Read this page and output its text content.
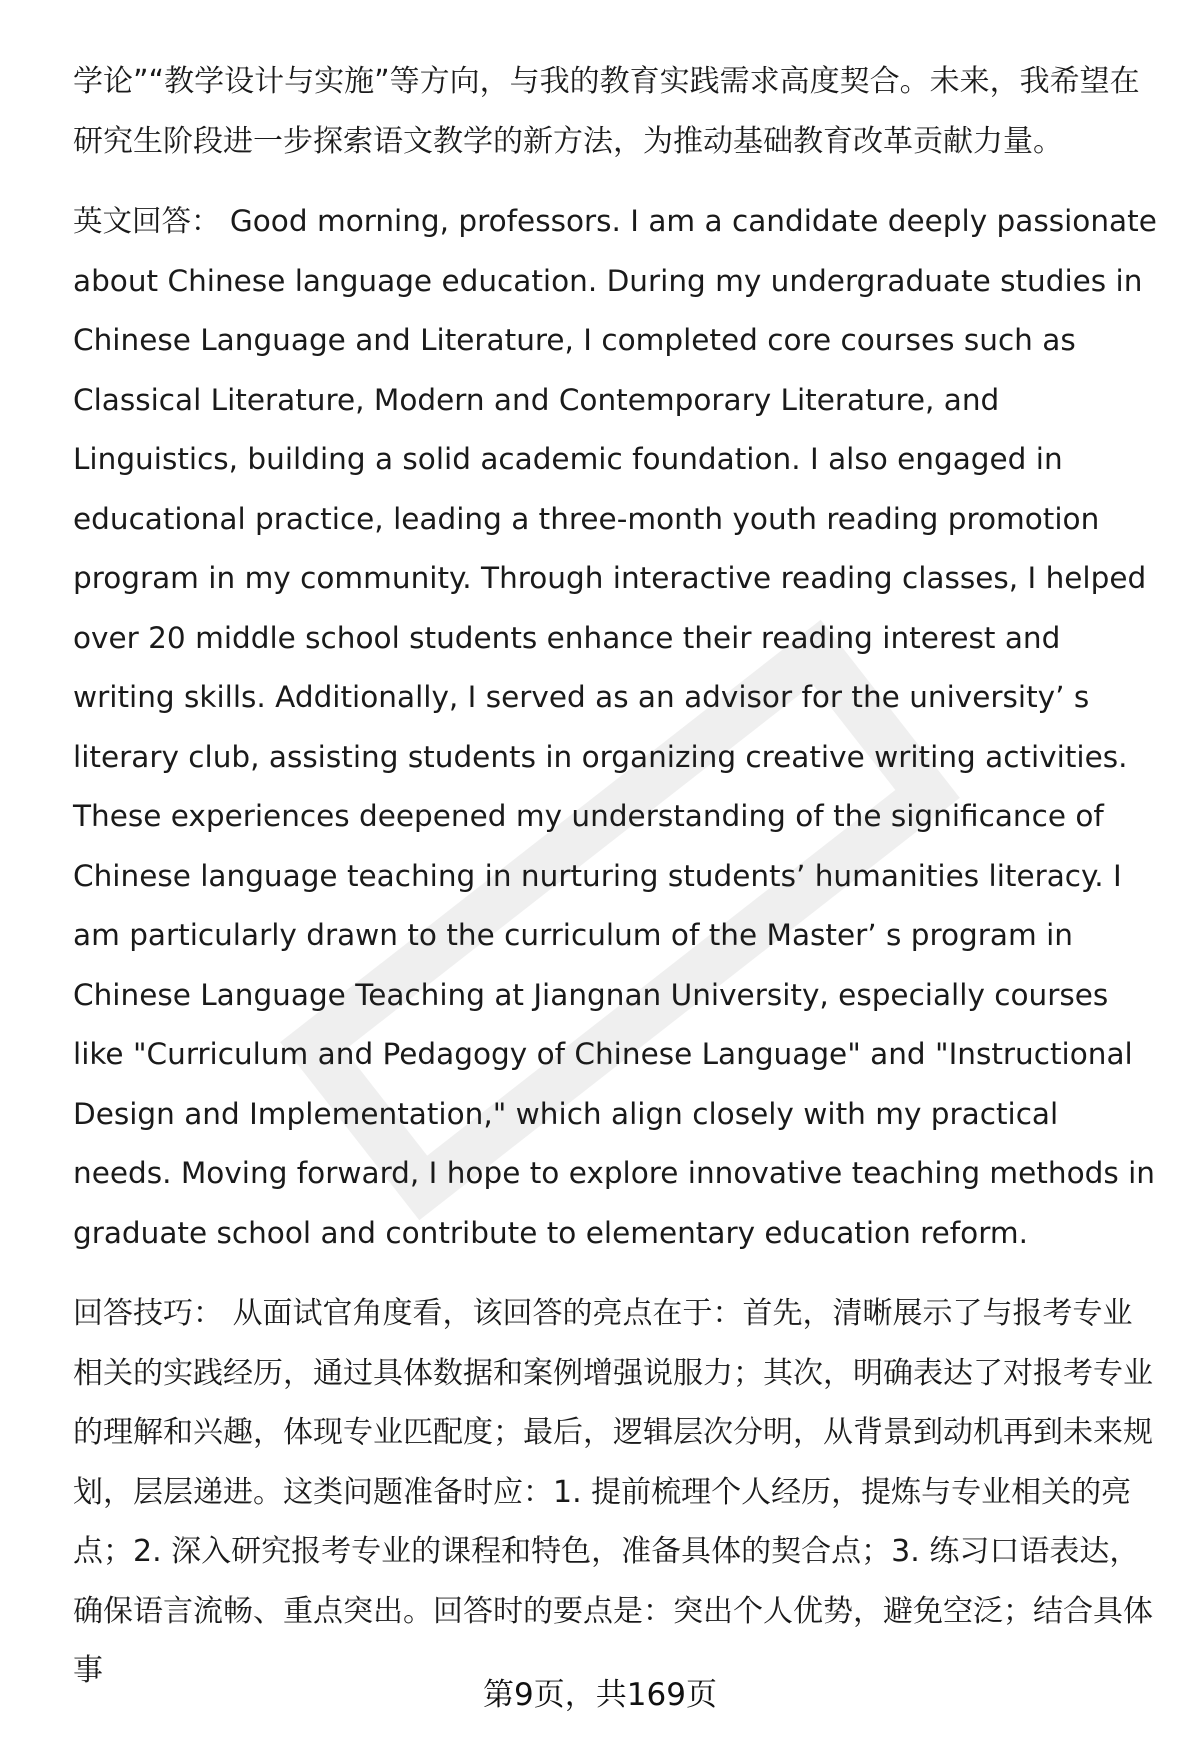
学论”“教学设计与实施”等方向，与我的教育实践需求高度契合。未来，我希望在研究生阶段进一步探索语文教学的新方法，为推动基础教育改革贡献力量。

英文回答： Good morning, professors. I am a candidate deeply passionate about Chinese language education. During my undergraduate studies in Chinese Language and Literature, I completed core courses such as Classical Literature, Modern and Contemporary Literature, and Linguistics, building a solid academic foundation. I also engaged in educational practice, leading a three-month youth reading promotion program in my community. Through interactive reading classes, I helped over 20 middle school students enhance their reading interest and writing skills. Additionally, I served as an advisor for the university’ s literary club, assisting students in organizing creative writing activities. These experiences deepened my understanding of the significance of Chinese language teaching in nurturing students’ humanities literacy. I am particularly drawn to the curriculum of the Master’ s program in Chinese Language Teaching at Jiangnan University, especially courses like "Curriculum and Pedagogy of Chinese Language" and "Instructional Design and Implementation," which align closely with my practical needs. Moving forward, I hope to explore innovative teaching methods in graduate school and contribute to elementary education reform.

回答技巧： 从面试官角度看，该回答的亮点在于：首先，清晰展示了与报考专业相关的实践经历，通过具体数据和案例增强说服力；其次，明确表达了对报考专业的理解和兴趣，体现专业匹配度；最后，逻辑层次分明，从背景到动机再到未来规划，层层递进。这类问题准备时应：1. 提前梳理个人经历，提炼与专业相关的亮点；2. 深入研究报考专业的课程和特色，准备具体的契合点；3. 练习口语表达，确保语言流畅、重点突出。回答时的要点是：突出个人优势，避免空泛；结合具体事

第9页，共169页
